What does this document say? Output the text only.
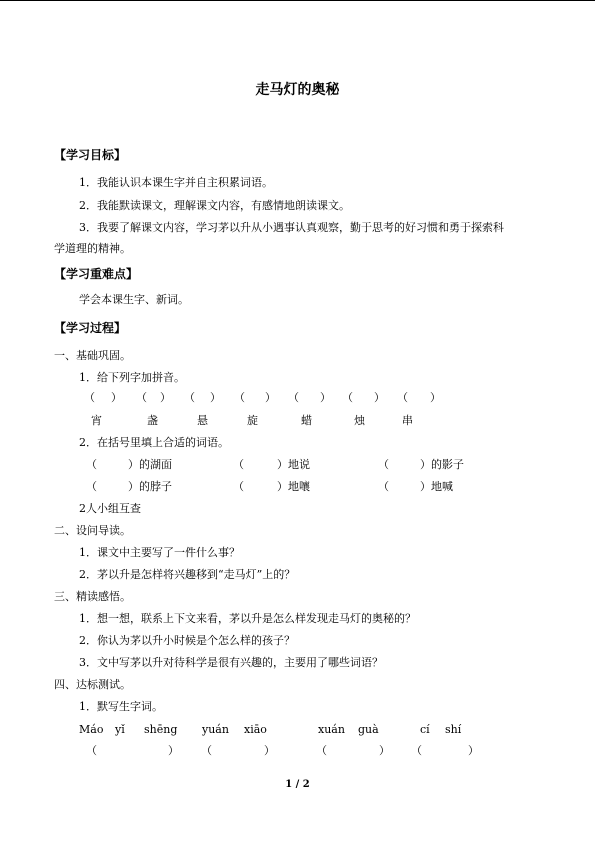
走马灯的奥秘
【学习目标】
1．我能认识本课生字并自主积累词语。
2．我能默读课文，理解课文内容，有感情地朗读课文。
3．我要了解课文内容，学习茅以升从小遇事认真观察，勤于思考的好习惯和勇于探索科
学道理的精神。
【学习重难点】
学会本课生字、新词。
【学习过程】
一、基础巩固。
1．给下列字加拼音。
（ ） （ ） （ ） （ ） （ ） （ ） （ ）
宵	盏	悬	旋	蜡	烛	串
2．在括号里填上合适的词语。
（	）的湖面	（	）地说	（	）的影子
（	）的脖子	（	）地嚷	（	）地喊
2人小组互查
二、设问导读。
1．课文中主要写了一件什么事？
2．茅以升是怎样将兴趣移到“走马灯”上的？
三、精读感悟。
1．想一想，联系上下文来看，茅以升是怎么样发现走马灯的奥秘的？
2．你认为茅以升小时候是个怎么样的孩子？
3．文中写茅以升对待科学是很有兴趣的，主要用了哪些词语？
四、达标测试。
1．默写生字词。
Máo yǐ shēng yuán xiāo	xuán guà	cí shí
（	） （	）	（	） （	）
1 / 2
